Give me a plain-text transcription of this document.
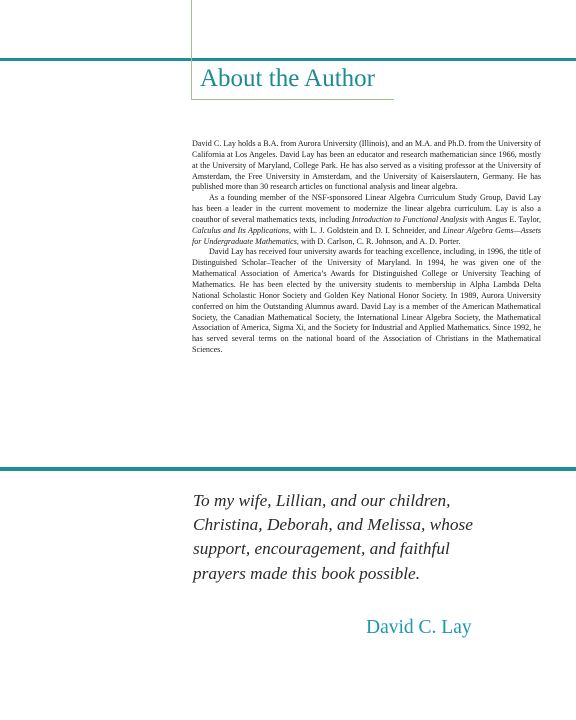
About the Author

David C. Lay holds a B.A. from Aurora University (Illinois), and an M.A. and Ph.D. from the University of California at Los Angeles. David Lay has been an educator and research mathematician since 1966, mostly at the University of Maryland, College Park. He has also served as a visiting professor at the University of Amsterdam, the Free University in Amsterdam, and the University of Kaiserslautern, Germany. He has published more than 30 research articles on functional analysis and linear algebra.

As a founding member of the NSF-sponsored Linear Algebra Curriculum Study Group, David Lay has been a leader in the current movement to modernize the linear algebra curriculum. Lay is also a coauthor of several mathematics texts, including Introduction to Functional Analysis with Angus E. Taylor, Calculus and Its Applications, with L. J. Goldstein and D. I. Schneider, and Linear Algebra Gems—Assets for Undergraduate Mathematics, with D. Carlson, C. R. Johnson, and A. D. Porter.

David Lay has received four university awards for teaching excellence, including, in 1996, the title of Distinguished Scholar–Teacher of the University of Maryland. In 1994, he was given one of the Mathematical Association of America’s Awards for Distinguished College or University Teaching of Mathematics. He has been elected by the university students to membership in Alpha Lambda Delta National Scholastic Honor Society and Golden Key National Honor Society. In 1989, Aurora University conferred on him the Outstanding Alumnus award. David Lay is a member of the American Mathematical Society, the Canadian Mathematical Society, the International Linear Algebra Society, the Mathematical Association of America, Sigma Xi, and the Society for Industrial and Applied Mathematics. Since 1992, he has served several terms on the national board of the Association of Christians in the Mathematical Sciences.

To my wife, Lillian, and our children,
Christina, Deborah, and Melissa, whose
support, encouragement, and faithful
prayers made this book possible.

David C. Lay
